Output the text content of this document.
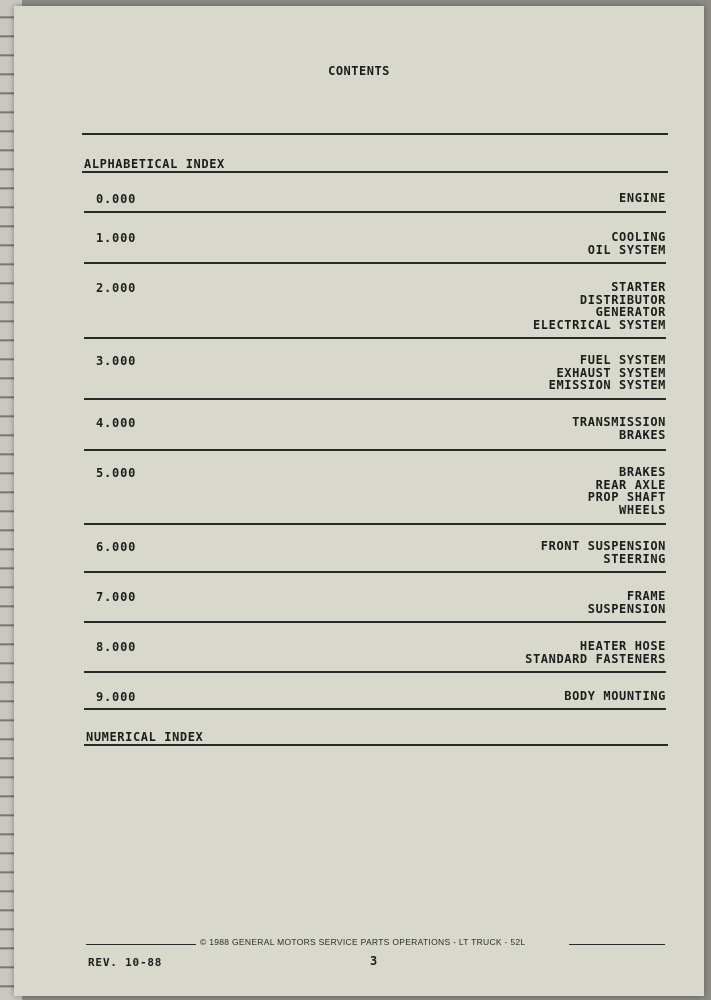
CONTENTS
ALPHABETICAL INDEX
0.000	ENGINE
1.000	COOLING
OIL SYSTEM
2.000	STARTER
DISTRIBUTOR
GENERATOR
ELECTRICAL SYSTEM
3.000	FUEL SYSTEM
EXHAUST SYSTEM
EMISSION SYSTEM
4.000	TRANSMISSION
BRAKES
5.000	BRAKES
REAR AXLE
PROP SHAFT
WHEELS
6.000	FRONT SUSPENSION
STEERING
7.000	FRAME
SUSPENSION
8.000	HEATER HOSE
STANDARD FASTENERS
9.000	BODY MOUNTING
NUMERICAL INDEX
© 1988 GENERAL MOTORS SERVICE PARTS OPERATIONS - LT TRUCK - 52L
REV. 10-88	3
